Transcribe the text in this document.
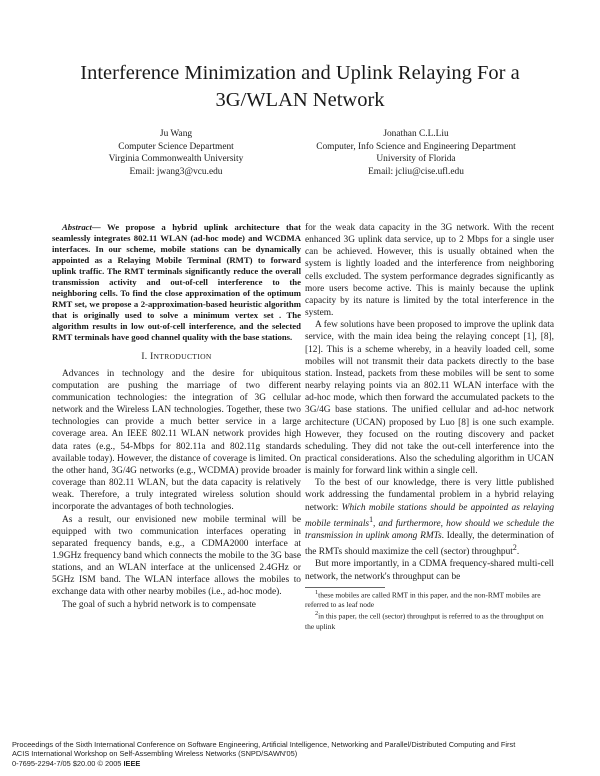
Interference Minimization and Uplink Relaying For a 3G/WLAN Network
Ju Wang
Computer Science Department
Virginia Commonwealth University
Email: jwang3@vcu.edu
Jonathan C.L.Liu
Computer, Info Science and Engineering Department
University of Florida
Email: jcliu@cise.ufl.edu

Abstract— We propose a hybrid uplink architecture that seamlessly integrates 802.11 WLAN (ad-hoc mode) and WCDMA interfaces. In our scheme, mobile stations can be dynamically appointed as a Relaying Mobile Terminal (RMT) to forward uplink traffic. The RMT terminals significantly reduce the overall transmission activity and out-of-cell interference to the neighboring cells. To find the close approximation of the optimum RMT set, we propose a 2-approximation-based heuristic algorithm that is originally used to solve a minimum vertex set . The algorithm results in low out-of-cell interference, and the selected RMT terminals have good channel quality with the base stations.

I. INTRODUCTION

Advances in technology and the desire for ubiquitous computation are pushing the marriage of two different communication technologies: the integration of 3G cellular network and the Wireless LAN technologies. Together, these two technologies can provide a much better service in a large coverage area. An IEEE 802.11 WLAN network provides high data rates (e.g., 54-Mbps for 802.11a and 802.11g standards available today). However, the distance of coverage is limited. On the other hand, 3G/4G networks (e.g., WCDMA) provide broader coverage than 802.11 WLAN, but the data capacity is relatively weak. Therefore, a truly integrated wireless solution should incorporate the advantages of both technologies.

As a result, our envisioned new mobile terminal will be equipped with two communication interfaces operating in separated frequency bands, e.g., a CDMA2000 interface at 1.9GHz frequency band which connects the mobile to the 3G base stations, and an WLAN interface at the unlicensed 2.4GHz or 5GHz ISM band. The WLAN interface allows the mobiles to exchange data with other nearby mobiles (i.e., ad-hoc mode).

The goal of such a hybrid network is to compensate

for the weak data capacity in the 3G network. With the recent enhanced 3G uplink data service, up to 2 Mbps for a single user can be achieved. However, this is usually obtained when the system is lightly loaded and the interference from neighboring cells excluded. The system performance degrades significantly as more users become active. This is mainly because the uplink capacity by its nature is limited by the total interference in the system.

A few solutions have been proposed to improve the uplink data service, with the main idea being the relaying concept [1], [8], [12]. This is a scheme whereby, in a heavily loaded cell, some mobiles will not transmit their data packets directly to the base station. Instead, packets from these mobiles will be sent to some nearby relaying points via an 802.11 WLAN interface with the ad-hoc mode, which then forward the accumulated packets to the 3G/4G base stations. The unified cellular and ad-hoc network architecture (UCAN) proposed by Luo [8] is one such example. However, they focused on the routing discovery and packet scheduling. They did not take the out-cell interference into the practical considerations. Also the scheduling algorithm in UCAN is mainly for forward link within a single cell.

To the best of our knowledge, there is very little published work addressing the fundamental problem in a hybrid relaying network: Which mobile stations should be appointed as relaying mobile terminals$^1$, and furthermore, how should we schedule the transmission in uplink among RMTs. Ideally, the determination of the RMTs should maximize the cell (sector) throughput$^2$.

But more importantly, in a CDMA frequency-shared multi-cell network, the network's throughput can be

$^1$these mobiles are called RMT in this paper, and the non-RMT mobiles are referred to as leaf node

$^2$in this paper, the cell (sector) throughput is referred to as the throughput on the uplink

Proceedings of the Sixth International Conference on Software Engineering, Artificial Intelligence, Networking and Parallel/Distributed Computing and First
ACIS International Workshop on Self-Assembling Wireless Networks (SNPD/SAWN'05)
0-7695-2294-7/05 $20.00 © 2005 IEEE
